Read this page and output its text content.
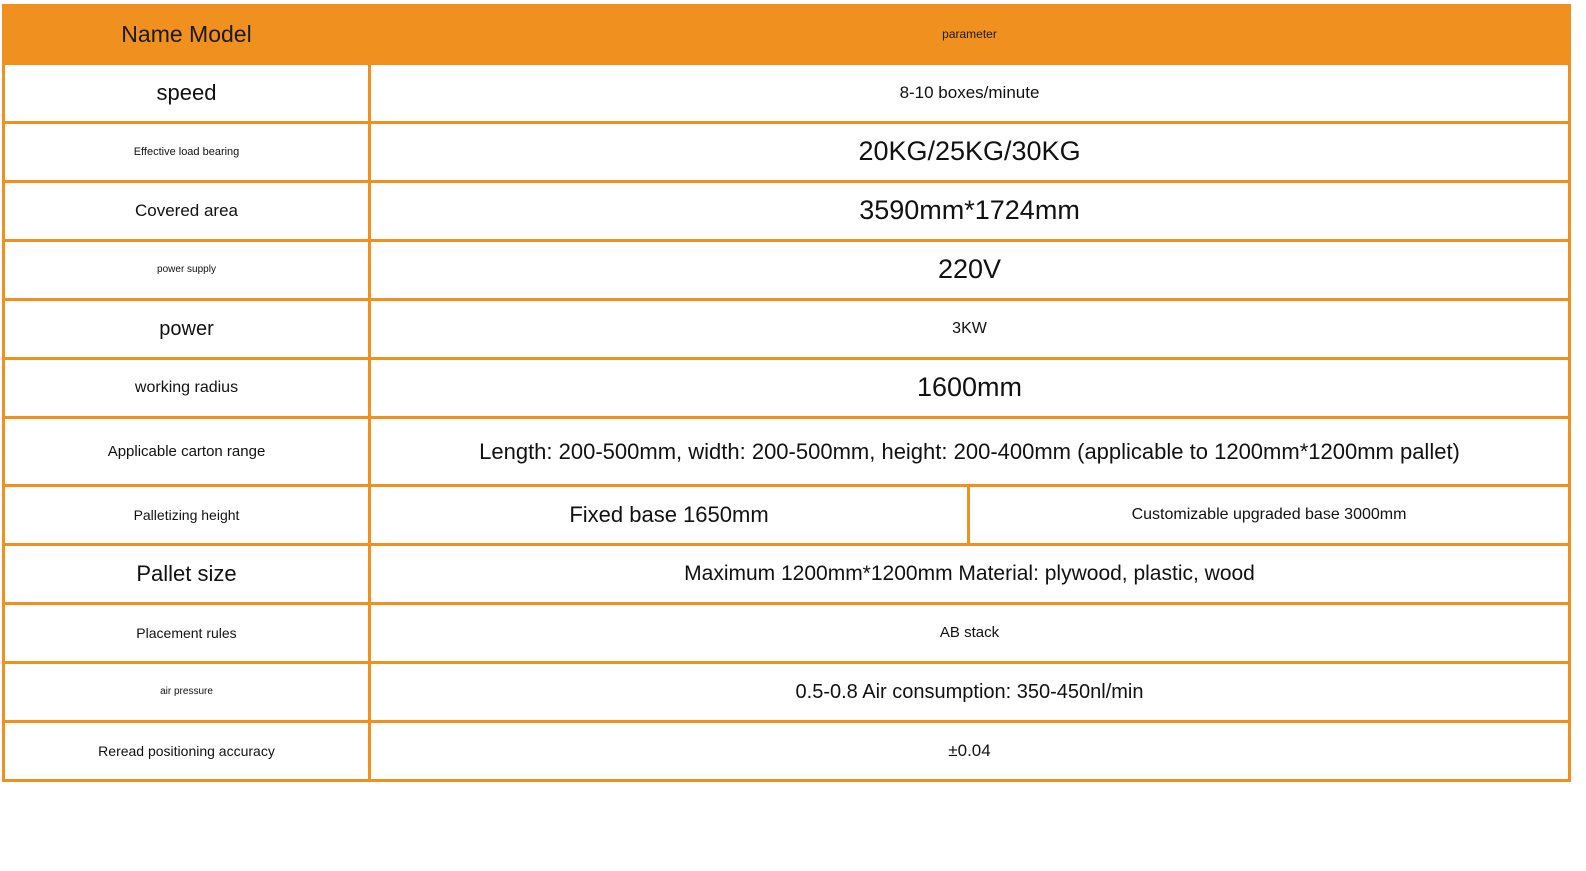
Name Model	parameter	
speed	8-10 boxes/minute	
Effective load bearing	20KG/25KG/30KG	
Covered area	3590mm*1724mm	
power supply	220V	
power	3KW	
working radius	1600mm	
Applicable carton range	Length: 200-500mm, width: 200-500mm, height: 200-400mm (applicable to 1200mm*1200mm pallet)	
Palletizing height	Fixed base 1650mm	Customizable upgraded base 3000mm
Pallet size	Maximum 1200mm*1200mm Material: plywood, plastic, wood	
Placement rules	AB stack	
air pressure	0.5-0.8 Air consumption: 350-450nl/min	
Reread positioning accuracy	±0.04	
